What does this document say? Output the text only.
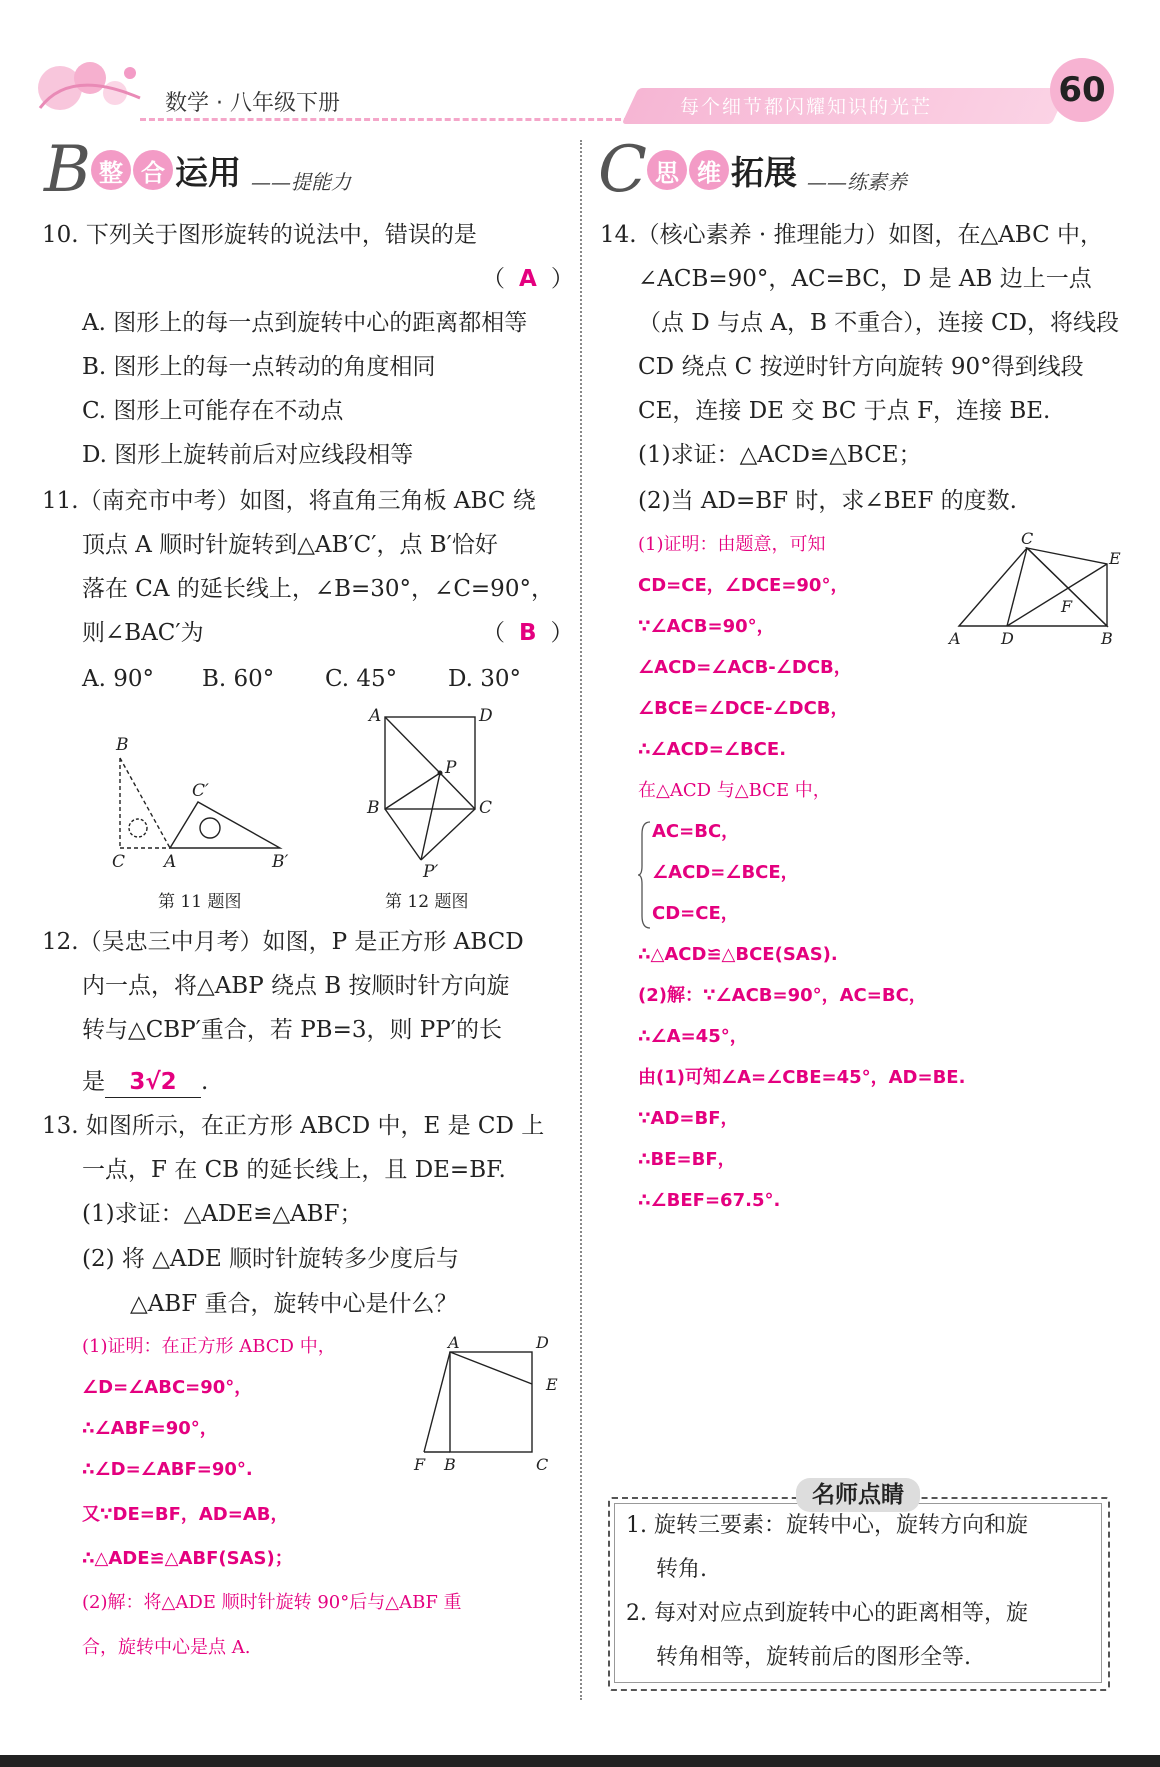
数学 · 八年级下册	每个细节都闪耀知识的光芒	60
B 整 合 运用 ——提能力	C 思 维 拓展 ——练素养
10. 下列关于图形旋转的说法中，错误的是
（ A ）
A. 图形上的每一点到旋转中心的距离都相等
B. 图形上的每一点转动的角度相同
C. 图形上可能存在不动点
D. 图形上旋转前后对应线段相等
11.（南充市中考）如图，将直角三角板 ABC 绕
顶点 A 顺时针旋转到△AB′C′，点 B′恰好
落在 CA 的延长线上，∠B=30°，∠C=90°，
则∠BAC′为	（ B ）
A. 90° B. 60° C. 45° D. 30°
B
C A	B′
C′
第 11 题图
A	D
B	C
P
P′
第 12 题图
12.（吴忠三中月考）如图，P 是正方形 ABCD
内一点，将△ABP 绕点 B 按顺时针方向旋
转与△CBP′重合，若 PB=3，则 PP′的长
是 3√2 .
13. 如图所示，在正方形 ABCD 中，E 是 CD 上
一点，F 在 CB 的延长线上，且 DE=BF.
(1)求证：△ADE≌△ABF；
(2) 将 △ADE 顺时针旋转多少度后与
△ABF 重合，旋转中心是什么？
(1)证明：在正方形 ABCD 中，
∠D=∠ABC=90°，
∴∠ABF=90°，
∴∠D=∠ABF=90°.
又∵DE=BF，AD=AB，
∴△ADE≌△ABF(SAS)；
(2)解：将△ADE 顺时针旋转 90°后与△ABF 重
合，旋转中心是点 A.
A	D
E
F B	C
14.（核心素养 · 推理能力）如图，在△ABC 中，
∠ACB=90°，AC=BC，D 是 AB 边上一点
（点 D 与点 A，B 不重合），连接 CD，将线段
CD 绕点 C 按逆时针方向旋转 90°得到线段
CE，连接 DE 交 BC 于点 F，连接 BE.
(1)求证：△ACD≌△BCE；
(2)当 AD=BF 时，求∠BEF 的度数.
(1)证明：由题意，可知
CD=CE，∠DCE=90°，
∵∠ACB=90°，
∠ACD=∠ACB-∠DCB，
∠BCE=∠DCE-∠DCB，
∴∠ACD=∠BCE.
在△ACD 与△BCE 中，
AC=BC，
∠ACD=∠BCE，
CD=CE，
∴△ACD≌△BCE(SAS).
(2)解：∵∠ACB=90°，AC=BC，
∴∠A=45°，
由(1)可知∠A=∠CBE=45°，AD=BE.
∵AD=BF，
∴BE=BF，
∴∠BEF=67.5°.
C
E
F
A	D	B
名师点睛
1. 旋转三要素：旋转中心，旋转方向和旋
转角.
2. 每对对应点到旋转中心的距离相等，旋
转角相等，旋转前后的图形全等.
